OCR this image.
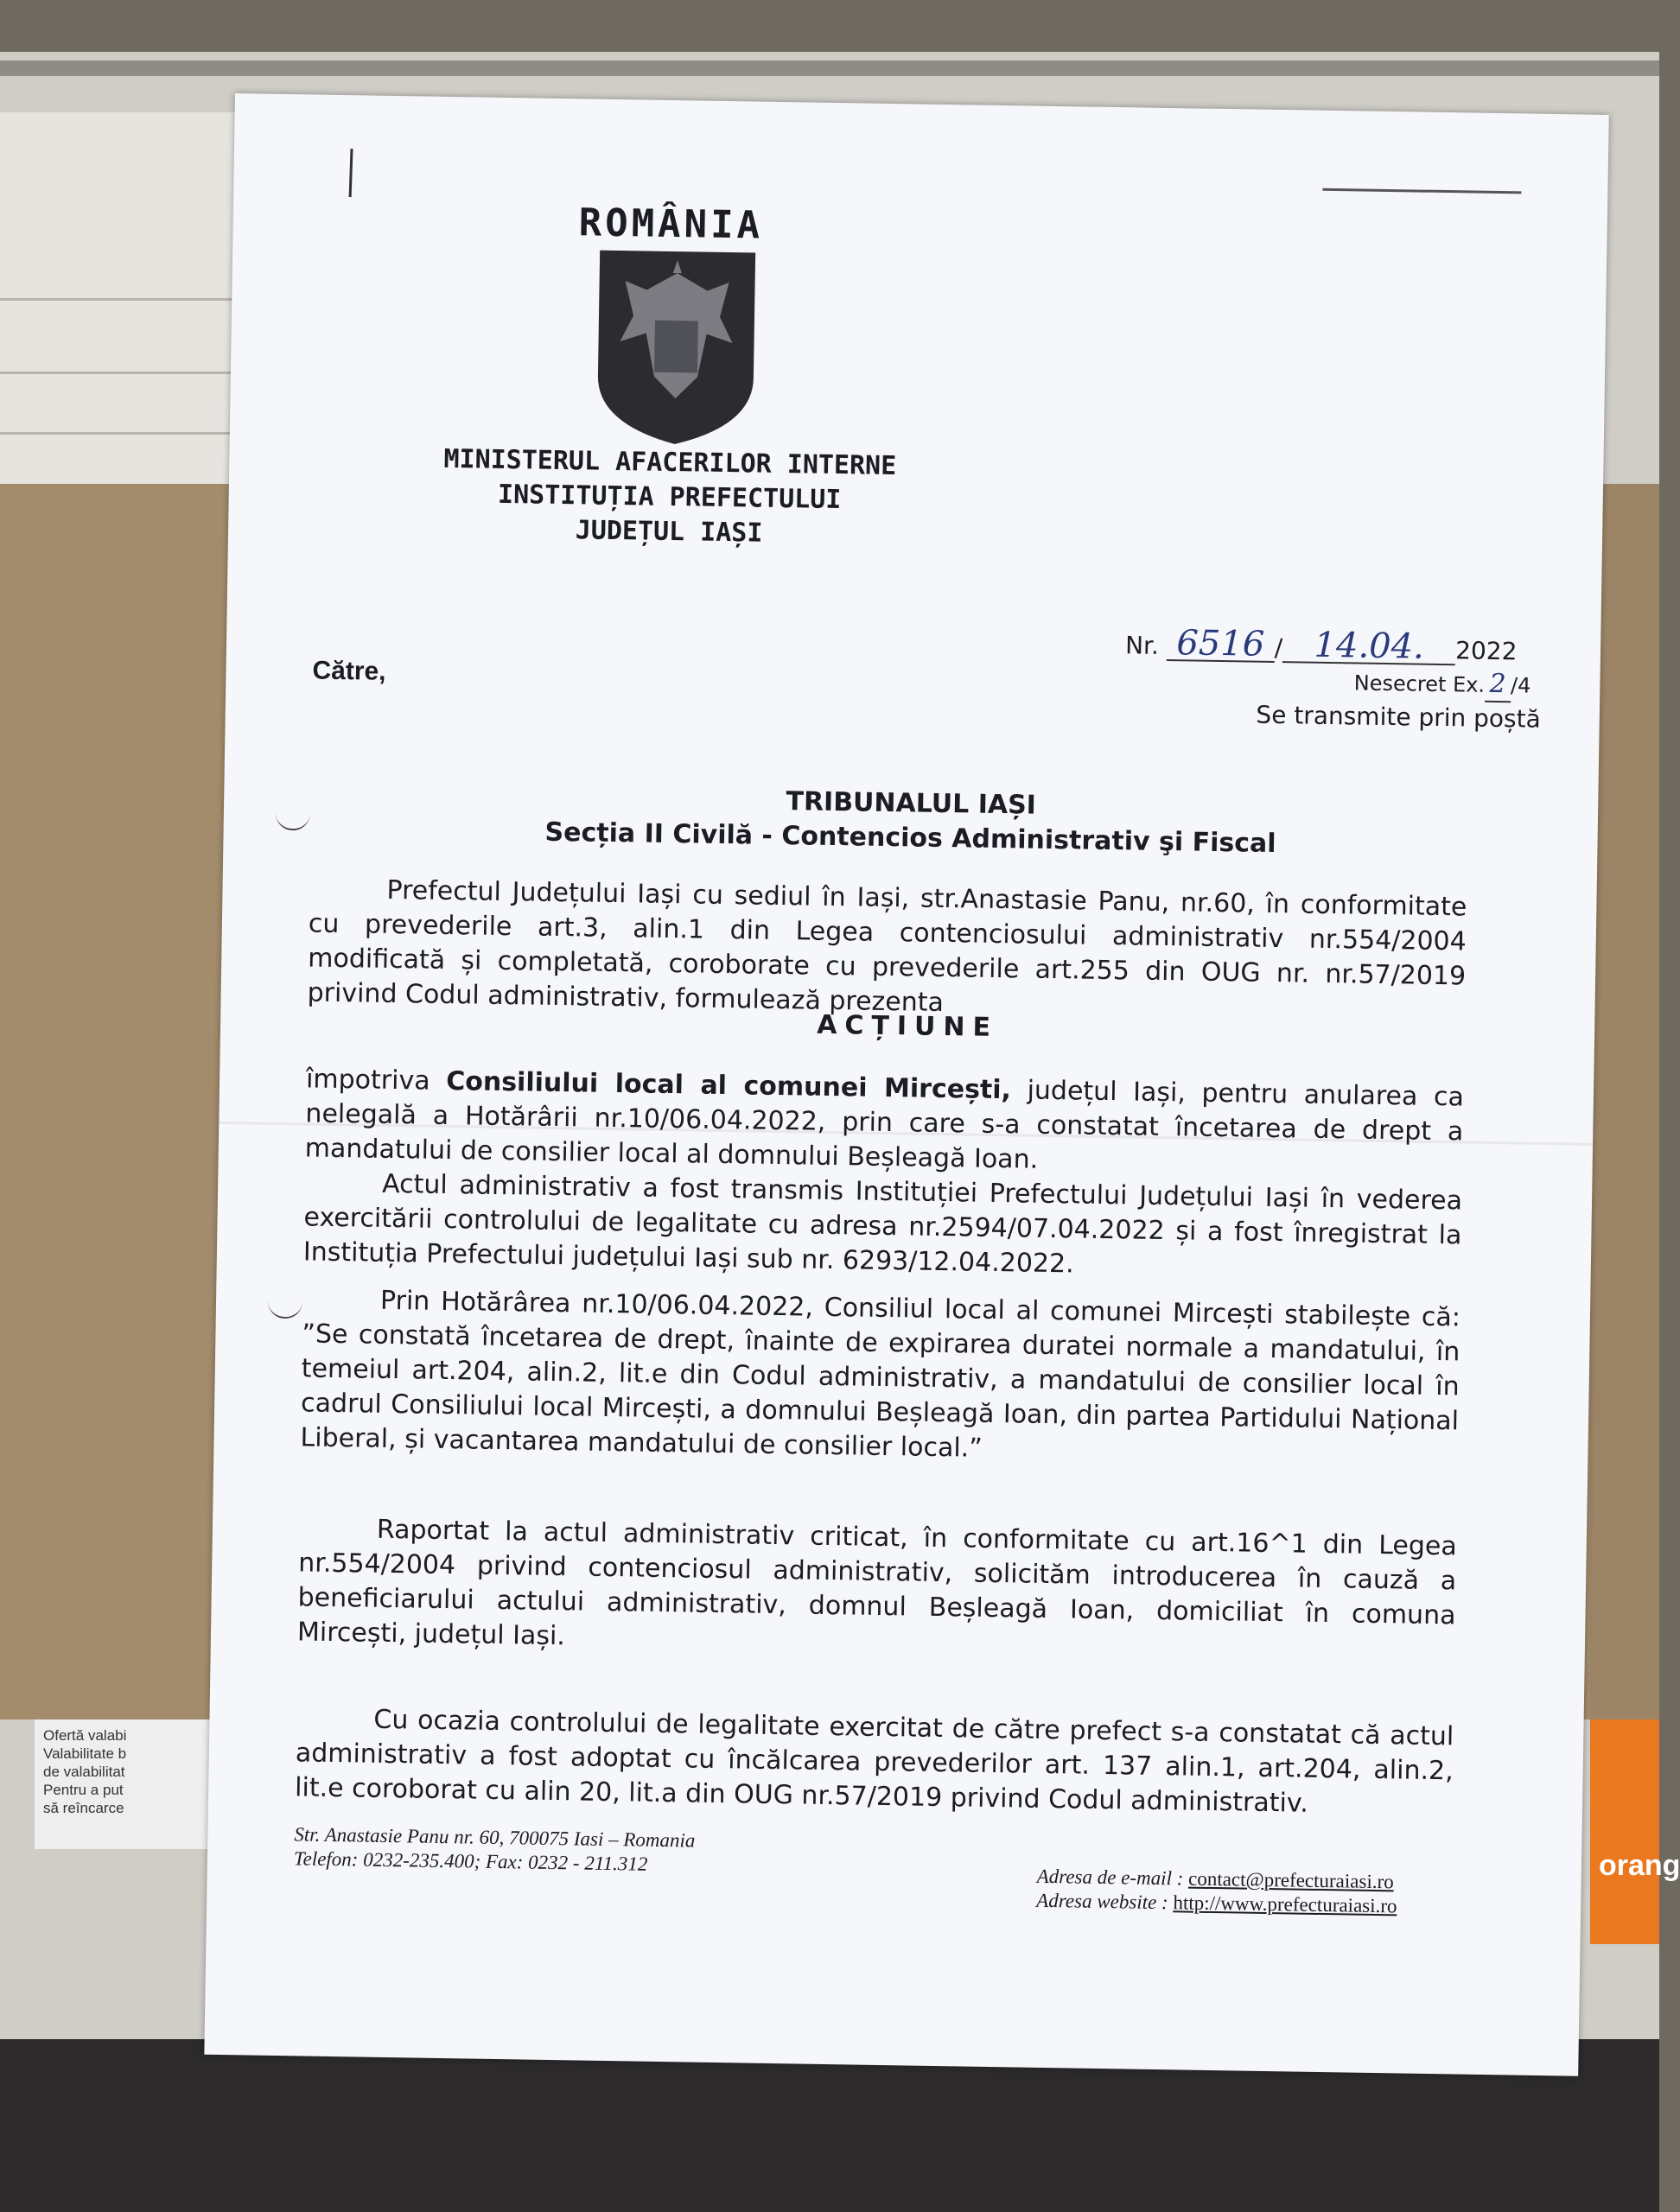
Ofertă valabi
Valabilitate b
de valabilitat
Pentru a put
să reîncarce
orang
ROMÂNIA
MINISTERUL AFACERILOR INTERNE
INSTITUȚIA PREFECTULUI
JUDEȚUL IAȘI
Nr. 6516 / 14.04. 2022
Nesecret Ex. 2 /4
Se transmite prin poștă
Către,
TRIBUNALUL IAȘI
Secția II Civilă - Contencios Administrativ şi Fiscal
Prefectul Județului Iași cu sediul în Iași, str.Anastasie Panu, nr.60, în conformitate cu prevederile art.3, alin.1 din Legea contenciosului administrativ nr.554/2004 modificată și completată, coroborate cu prevederile art.255 din OUG nr. nr.57/2019 privind Codul administrativ, formulează prezenta
ACȚIUNE
împotriva Consiliului local al comunei Mircești, județul Iași, pentru anularea ca nelegală a Hotărârii nr.10/06.04.2022, prin care s-a constatat încetarea de drept a mandatului de consilier local al domnului Beșleagă Ioan.
Actul administrativ a fost transmis Instituției Prefectului Județului Iași în vederea exercitării controlului de legalitate cu adresa nr.2594/07.04.2022 și a fost înregistrat la Instituția Prefectului județului Iași sub nr. 6293/12.04.2022.
Prin Hotărârea nr.10/06.04.2022, Consiliul local al comunei Mircești stabilește că: ”Se constată încetarea de drept, înainte de expirarea duratei normale a mandatului, în temeiul art.204, alin.2, lit.e din Codul administrativ, a mandatului de consilier local în cadrul Consiliului local Mircești, a domnului Beșleagă Ioan, din partea Partidului Național Liberal, și vacantarea mandatului de consilier local.”
Raportat la actul administrativ criticat, în conformitate cu art.16^1 din Legea nr.554/2004 privind contenciosul administrativ, solicităm introducerea în cauză a beneficiarului actului administrativ, domnul Beșleagă Ioan, domiciliat în comuna Mircești, județul Iași.
Cu ocazia controlului de legalitate exercitat de către prefect s-a constatat că actul administrativ a fost adoptat cu încălcarea prevederilor art. 137 alin.1, art.204, alin.2, lit.e coroborat cu alin 20, lit.a din OUG nr.57/2019 privind Codul administrativ.
Str. Anastasie Panu nr. 60, 700075 Iasi – Romania
Telefon: 0232-235.400; Fax: 0232 - 211.312
Adresa de e-mail : contact@prefecturaiasi.ro
Adresa website : http://www.prefecturaiasi.ro
